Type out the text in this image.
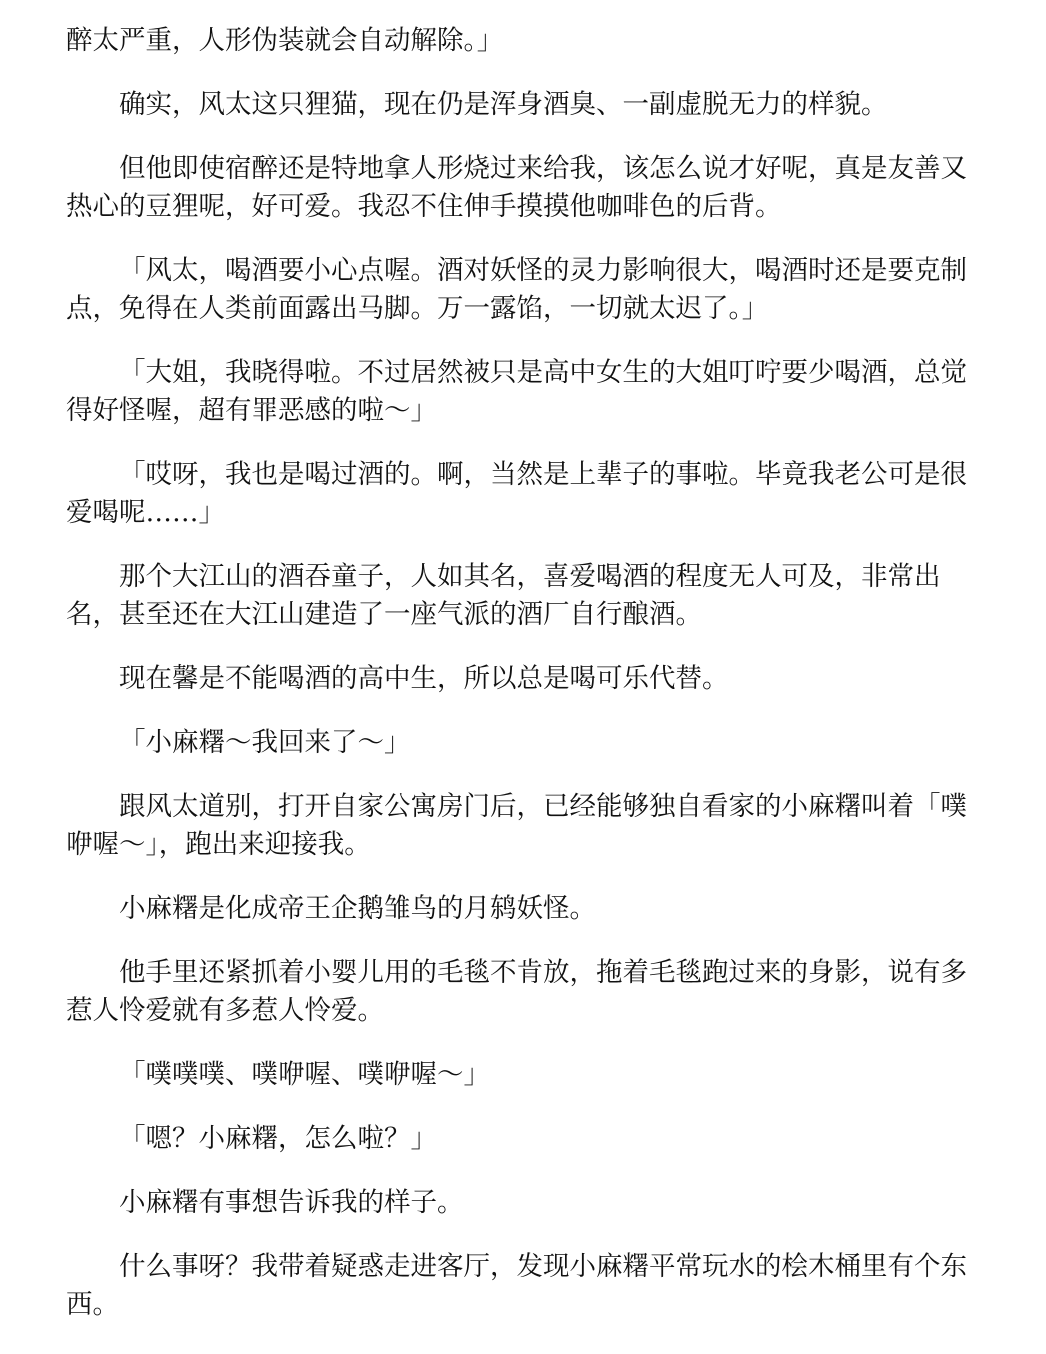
醉太严重，人形伪装就会自动解除。」

确实，风太这只狸猫，现在仍是浑身酒臭、一副虚脱无力的样貌。

但他即使宿醉还是特地拿人形烧过来给我，该怎么说才好呢，真是友善又热心的豆狸呢，好可爱。我忍不住伸手摸摸他咖啡色的后背。

「风太，喝酒要小心点喔。酒对妖怪的灵力影响很大，喝酒时还是要克制点，免得在人类前面露出马脚。万一露馅，一切就太迟了。」

「大姐，我晓得啦。不过居然被只是高中女生的大姐叮咛要少喝酒，总觉得好怪喔，超有罪恶感的啦～」

「哎呀，我也是喝过酒的。啊，当然是上辈子的事啦。毕竟我老公可是很爱喝呢……」

那个大江山的酒吞童子，人如其名，喜爱喝酒的程度无人可及，非常出名，甚至还在大江山建造了一座气派的酒厂自行酿酒。

现在馨是不能喝酒的高中生，所以总是喝可乐代替。

「小麻糬～我回来了～」

跟风太道别，打开自家公寓房门后，已经能够独自看家的小麻糬叫着「噗咿喔～」，跑出来迎接我。

小麻糬是化成帝王企鹅雏鸟的月鸫妖怪。

他手里还紧抓着小婴儿用的毛毯不肯放，拖着毛毯跑过来的身影，说有多惹人怜爱就有多惹人怜爱。

「噗噗噗、噗咿喔、噗咿喔～」

「嗯？小麻糬，怎么啦？」

小麻糬有事想告诉我的样子。

什么事呀？我带着疑惑走进客厅，发现小麻糬平常玩水的桧木桶里有个东西。
